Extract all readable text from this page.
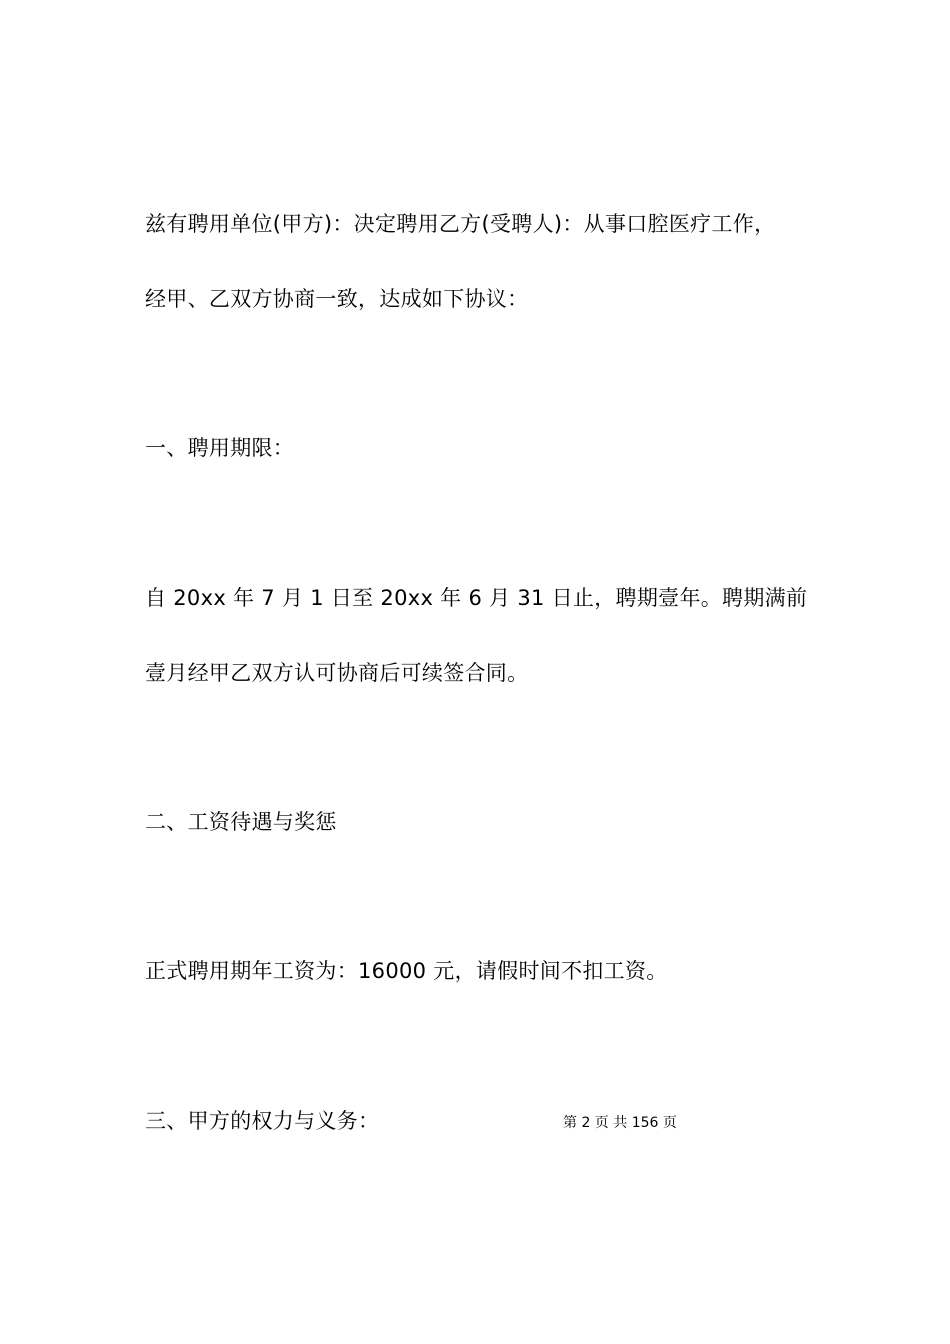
兹有聘用单位(甲方)：决定聘用乙方(受聘人)：从事口腔医疗工作，
经甲、乙双方协商一致，达成如下协议：
一、聘用期限：
自 20xx 年 7 月 1 日至 20xx 年 6 月 31 日止，聘期壹年。聘期满前
壹月经甲乙双方认可协商后可续签合同。
二、工资待遇与奖惩
正式聘用期年工资为：16000 元，请假时间不扣工资。
三、甲方的权力与义务：	第 2 页 共 156 页
